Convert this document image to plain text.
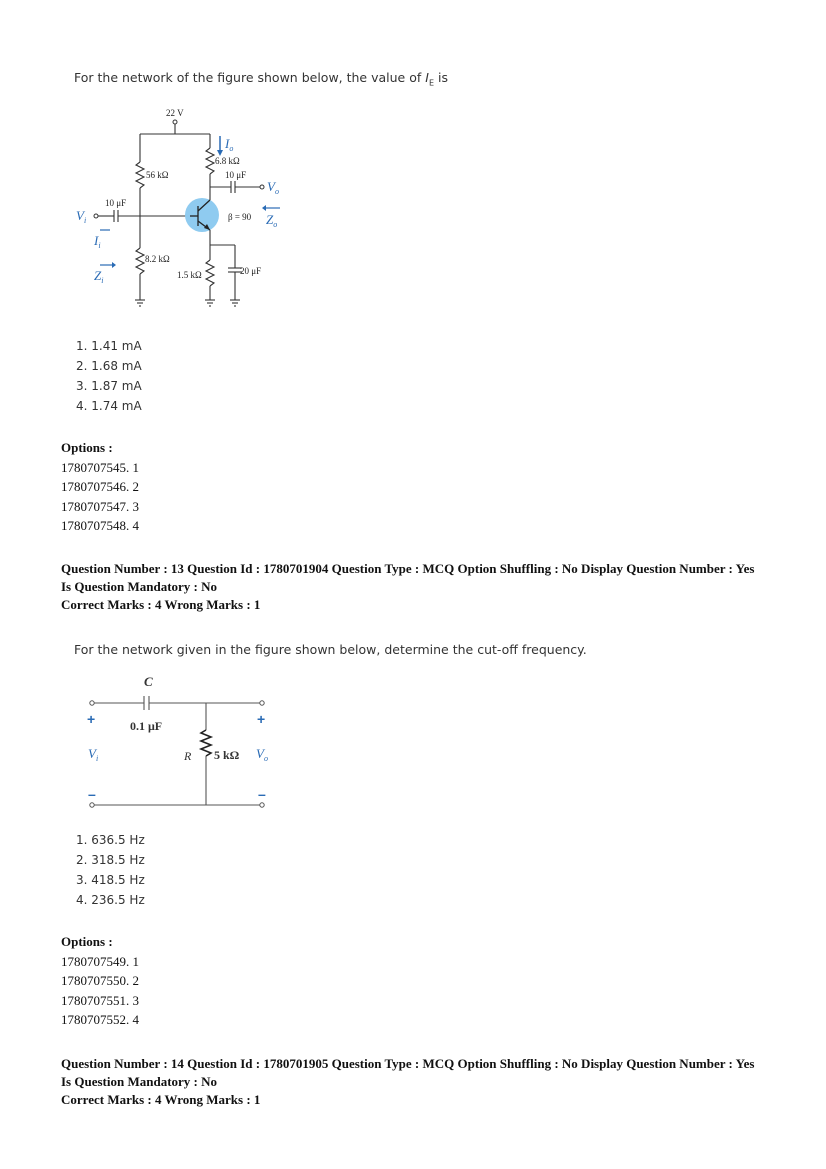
For the network of the figure shown below, the value of $I_E$ is
22 V
56 kΩ
8.2 kΩ
6.8 kΩ
1.5 kΩ
10 μF
10 μF
20 μF
β = 90
$V_i$
$I_i$
$Z_i$
$I_o$
$V_o$
$Z_o$
1. 1.41 mA
2. 1.68 mA
3. 1.87 mA
4. 1.74 mA
Options :
1780707545. 1
1780707546. 2
1780707547. 3
1780707548. 4
Question Number : 13 Question Id : 1780701904 Question Type : MCQ Option Shuffling : No Display Question Number : Yes
Is Question Mandatory : No
Correct Marks : 4 Wrong Marks : 1
For the network given in the figure shown below, determine the cut-off frequency.
C
0.1 μF
R 5 kΩ
+	+
–	–
$V_i$	$V_o$
1. 636.5 Hz
2. 318.5 Hz
3. 418.5 Hz
4. 236.5 Hz
Options :
1780707549. 1
1780707550. 2
1780707551. 3
1780707552. 4
Question Number : 14 Question Id : 1780701905 Question Type : MCQ Option Shuffling : No Display Question Number : Yes
Is Question Mandatory : No
Correct Marks : 4 Wrong Marks : 1
